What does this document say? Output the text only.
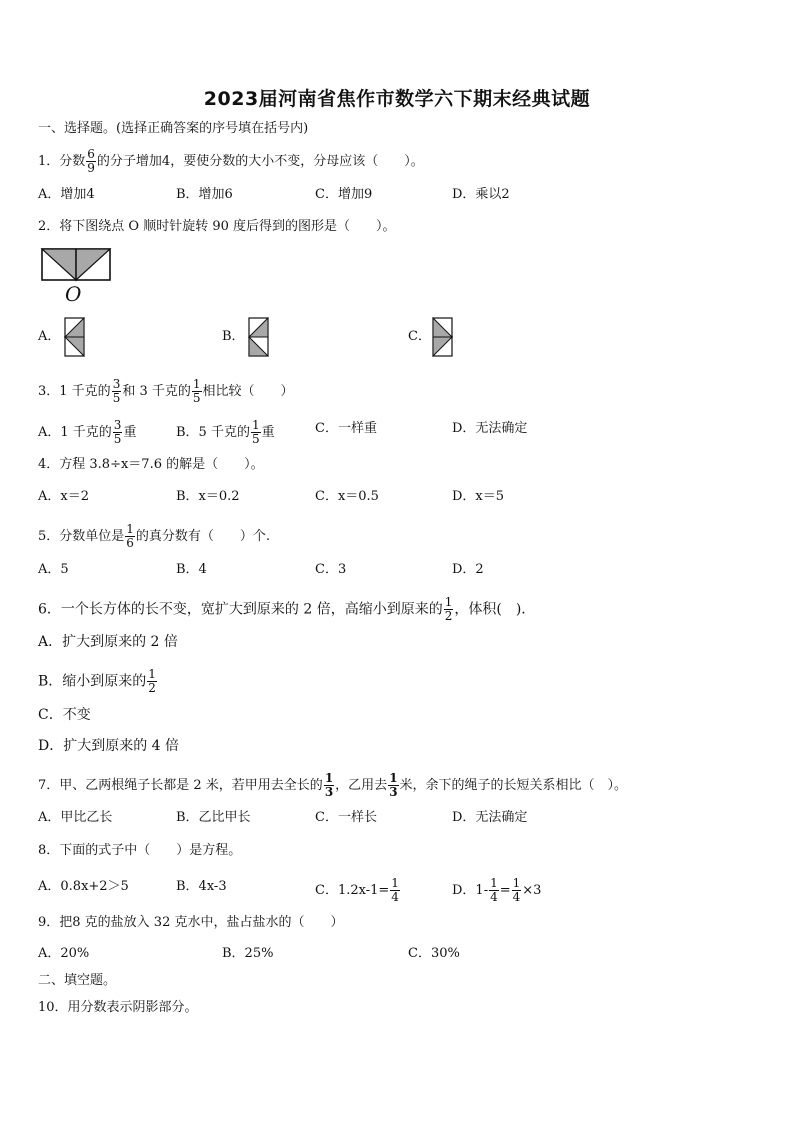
2023届河南省焦作市数学六下期末经典试题
一、选择题。(选择正确答案的序号填在括号内)
1．分数 $\frac{6}{9}$ 的分子增加4，要使分数的大小不变，分母应该（　　）。
A．增加4	B．增加6	C．增加9	D．乘以2
2．将下图绕点 O 顺时针旋转 90 度后得到的图形是（　　）。
O
A．	B．	C．
3．1 千克的 $\frac{3}{5}$ 和 3 千克的 $\frac{1}{5}$ 相比较（　　）
A．1 千克的 $\frac{3}{5}$ 重	B．5 千克的 $\frac{1}{5}$ 重	C．一样重	D．无法确定
4．方程 3.8÷x＝7.6 的解是（　　）。
A．x＝2	B．x＝0.2	C．x＝0.5	D．x＝5
5．分数单位是 $\frac{1}{6}$ 的真分数有（　　）个.
A．5	B．4	C．3	D．2
6．一个长方体的长不变，宽扩大到原来的 2 倍，高缩小到原来的 $\frac{1}{2}$ ，体积(　)．
A．扩大到原来的 2 倍
B．缩小到原来的 $\frac{1}{2}$
C．不变
D．扩大到原来的 4 倍
7．甲、乙两根绳子长都是 2 米，若甲用去全长的 $\frac{1}{3}$ ，乙用去 $\frac{1}{3}$ 米，余下的绳子的长短关系相比（　）。
A．甲比乙长	B．乙比甲长	C．一样长	D．无法确定
8．下面的式子中（　　）是方程。
A．0.8x+2＞5	B．4x-3	C．$1.2x-1= \frac{1}{4}$	D．$1- \frac{1}{4} = \frac{1}{4} \times 3$
9．把8 克的盐放入 32 克水中，盐占盐水的（　　）
A．20%	B．25%	C．30%
二、填空题。
10．用分数表示阴影部分。
